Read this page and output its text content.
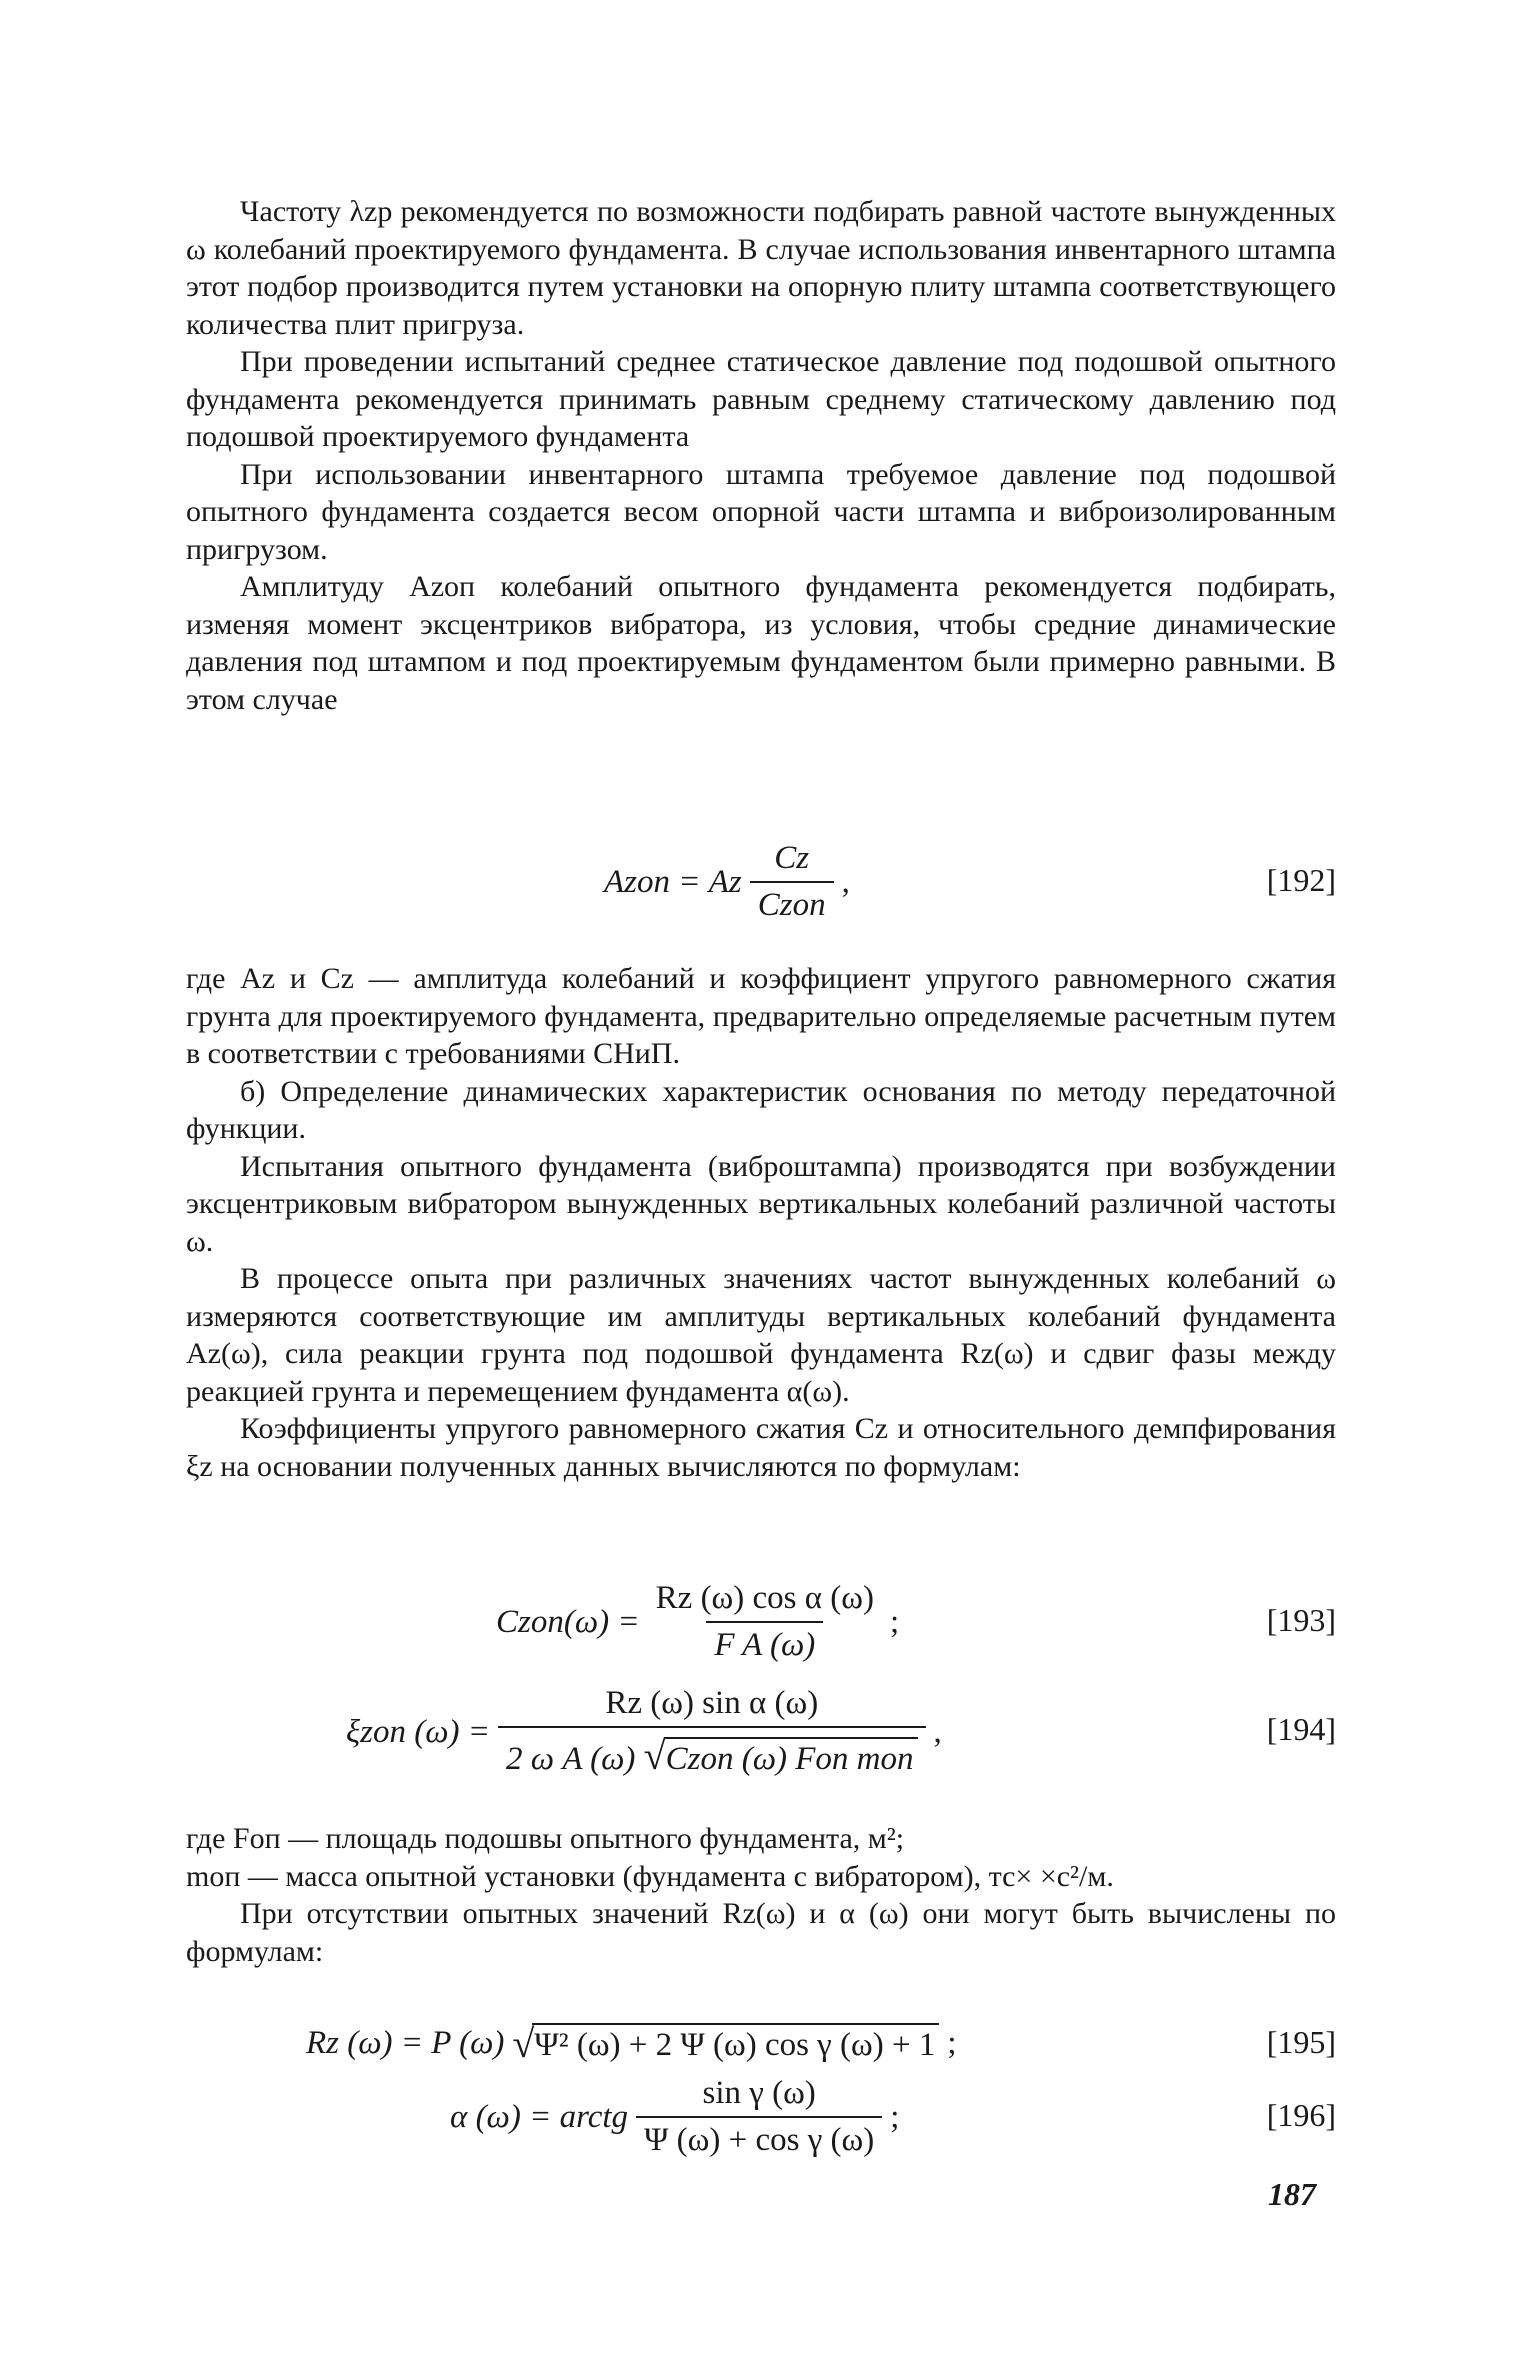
Частоту λzp рекомендуется по возможности подбирать равной частоте вынужденных ω колебаний проектируемого фундамента. В случае использования инвентарного штампа этот подбор производится путем установки на опорную плиту штампа соответствующего количества плит пригруза.

При проведении испытаний среднее статическое давление под подошвой опытного фундамента рекомендуется принимать равным среднему статическому давлению под подошвой проектируемого фундамента

При использовании инвентарного штампа требуемое давление под подошвой опытного фундамента создается весом опорной части штампа и виброизолированным пригрузом.

Амплитуду Azоп колебаний опытного фундамента рекомендуется подбирать, изменяя момент эксцентриков вибратора, из условия, чтобы средние динамические давления под штампом и под проектируемым фундаментом были примерно равными. В этом случае

Azоп = Az $\frac{Cz}{\text{Czоп}}$ ,	[192]

где Az и Cz — амплитуда колебаний и коэффициент упругого равномерного сжатия грунта для проектируемого фундамента, предварительно определяемые расчетным путем в соответствии с требованиями СНиП.

б) Определение динамических характеристик основания по методу передаточной функции.

Испытания опытного фундамента (виброштампа) производятся при возбуждении эксцентриковым вибратором вынужденных вертикальных колебаний различной частоты ω.

В процессе опыта при различных значениях частот вынужденных колебаний ω измеряются соответствующие им амплитуды вертикальных колебаний фундамента Az(ω), сила реакции грунта под подошвой фундамента Rz(ω) и сдвиг фазы между реакцией грунта и перемещением фундамента α(ω).

Коэффициенты упругого равномерного сжатия Cz и относительного демпфирования ξz на основании полученных данных вычисляются по формулам:

Czоп(ω) = $\frac{\text{Rz (ω) cos α (ω)}}{\text{F A (ω)}}$ ;	[193]
ξzоп $(\omega) = \frac{\text{Rz (ω) sin α (ω)}}{\text{2 ω A (ω) √Czоп (ω) Fоп mоп}}$ ,	[194]

где Fоп — площадь подошвы опытного фундамента, м²;

mоп — масса опытной установки (фундамента с вибратором), тс× ×с²/м.

При отсутствии опытных значений Rz(ω) и α (ω) они могут быть вычислены по формулам:

Rz (ω) = P (ω) √ Ψ² (ω) + 2 Ψ (ω) cos γ (ω) + 1 ;	[195]
α (ω) = arctg $\frac{\text{sin γ (ω)}}{\text{Ψ (ω) + cos γ (ω)}}$ ;	[196]
187
